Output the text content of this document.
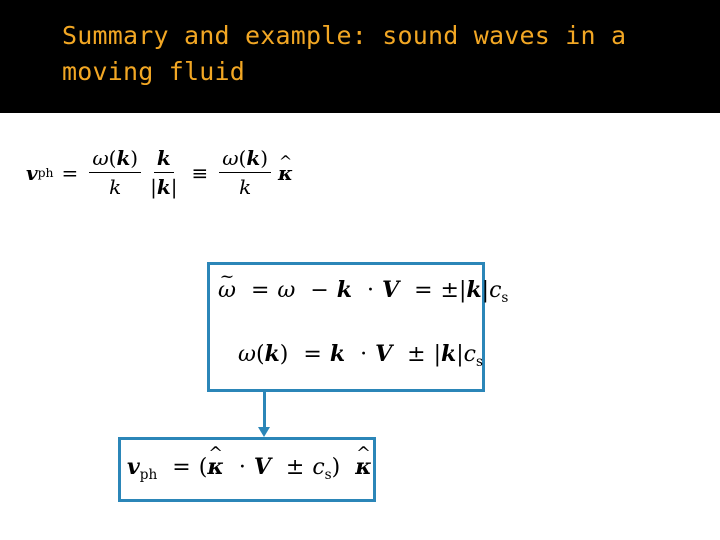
Summary and example: sound waves in a moving fluid
v ph = $\frac{\omega(k)}{k} \frac{k}{|k|} \equiv \frac{\omega(k)}{k}$
^ κ
~ $\omega = \omega - k \cdot V = \pm|k|c_s$
$\omega(k) = k \cdot V \pm |k|c_s$
$v_{ph}$ = (^ $\kappa \cdot V \pm c_s$) ^ κ
